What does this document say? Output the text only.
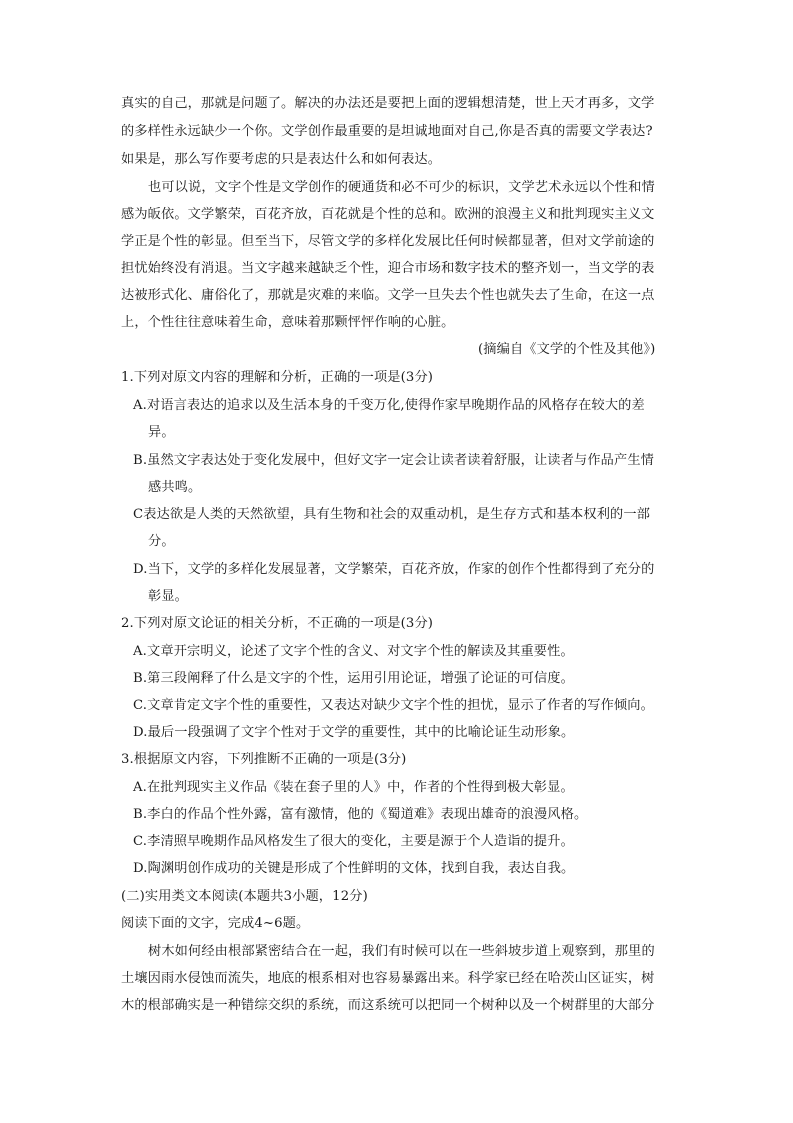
真实的自己，那就是问题了。解决的办法还是要把上面的逻辑想清楚，世上天才再多，文学
的多样性永远缺少一个你。文学创作最重要的是坦诚地面对自己,你是否真的需要文学表达?
如果是，那么写作要考虑的只是表达什么和如何表达。
也可以说，文字个性是文学创作的硬通货和必不可少的标识，文学艺术永远以个性和情
感为皈依。文学繁荣，百花齐放，百花就是个性的总和。欧洲的浪漫主义和批判现实主义文
学正是个性的彰显。但至当下，尽管文学的多样化发展比任何时候都显著，但对文学前途的
担忧始终没有消退。当文字越来越缺乏个性，迎合市场和数字技术的整齐划一，当文学的表
达被形式化、庸俗化了，那就是灾难的来临。文学一旦失去个性也就失去了生命，在这一点
上，个性往往意味着生命，意味着那颗怦怦作响的心脏。
(摘编自《文学的个性及其他》)
1.下列对原文内容的理解和分析，正确的一项是(3分)
A.对语言表达的追求以及生活本身的千变万化,使得作家早晚期作品的风格存在较大的差
异。
B.虽然文字表达处于变化发展中，但好文字一定会让读者读着舒服，让读者与作品产生情
感共鸣。
C表达欲是人类的天然欲望，具有生物和社会的双重动机，是生存方式和基本权利的一部
分。
D.当下，文学的多样化发展显著，文学繁荣，百花齐放，作家的创作个性都得到了充分的
彰显。
2.下列对原文论证的相关分析，不正确的一项是(3分)
A.文章开宗明义，论述了文字个性的含义、对文字个性的解读及其重要性。
B.第三段阐释了什么是文字的个性，运用引用论证，增强了论证的可信度。
C.文章肯定文字个性的重要性，又表达对缺少文字个性的担忧，显示了作者的写作倾向。
D.最后一段强调了文字个性对于文学的重要性，其中的比喻论证生动形象。
3.根据原文内容，下列推断不正确的一项是(3分)
A.在批判现实主义作品《装在套子里的人》中，作者的个性得到极大彰显。
B.李白的作品个性外露，富有激情，他的《蜀道难》表现出雄奇的浪漫风格。
C.李清照早晚期作品风格发生了很大的变化，主要是源于个人造诣的提升。
D.陶渊明创作成功的关键是形成了个性鲜明的文体，找到自我，表达自我。
(二)实用类文本阅读(本题共3小题，12分)
阅读下面的文字，完成4~6题。
树木如何经由根部紧密结合在一起，我们有时候可以在一些斜坡步道上观察到，那里的
土壤因雨水侵蚀而流失，地底的根系相对也容易暴露出来。科学家已经在哈茨山区证实，树
木的根部确实是一种错综交织的系统，而这系统可以把同一个树种以及一个树群里的大部分
